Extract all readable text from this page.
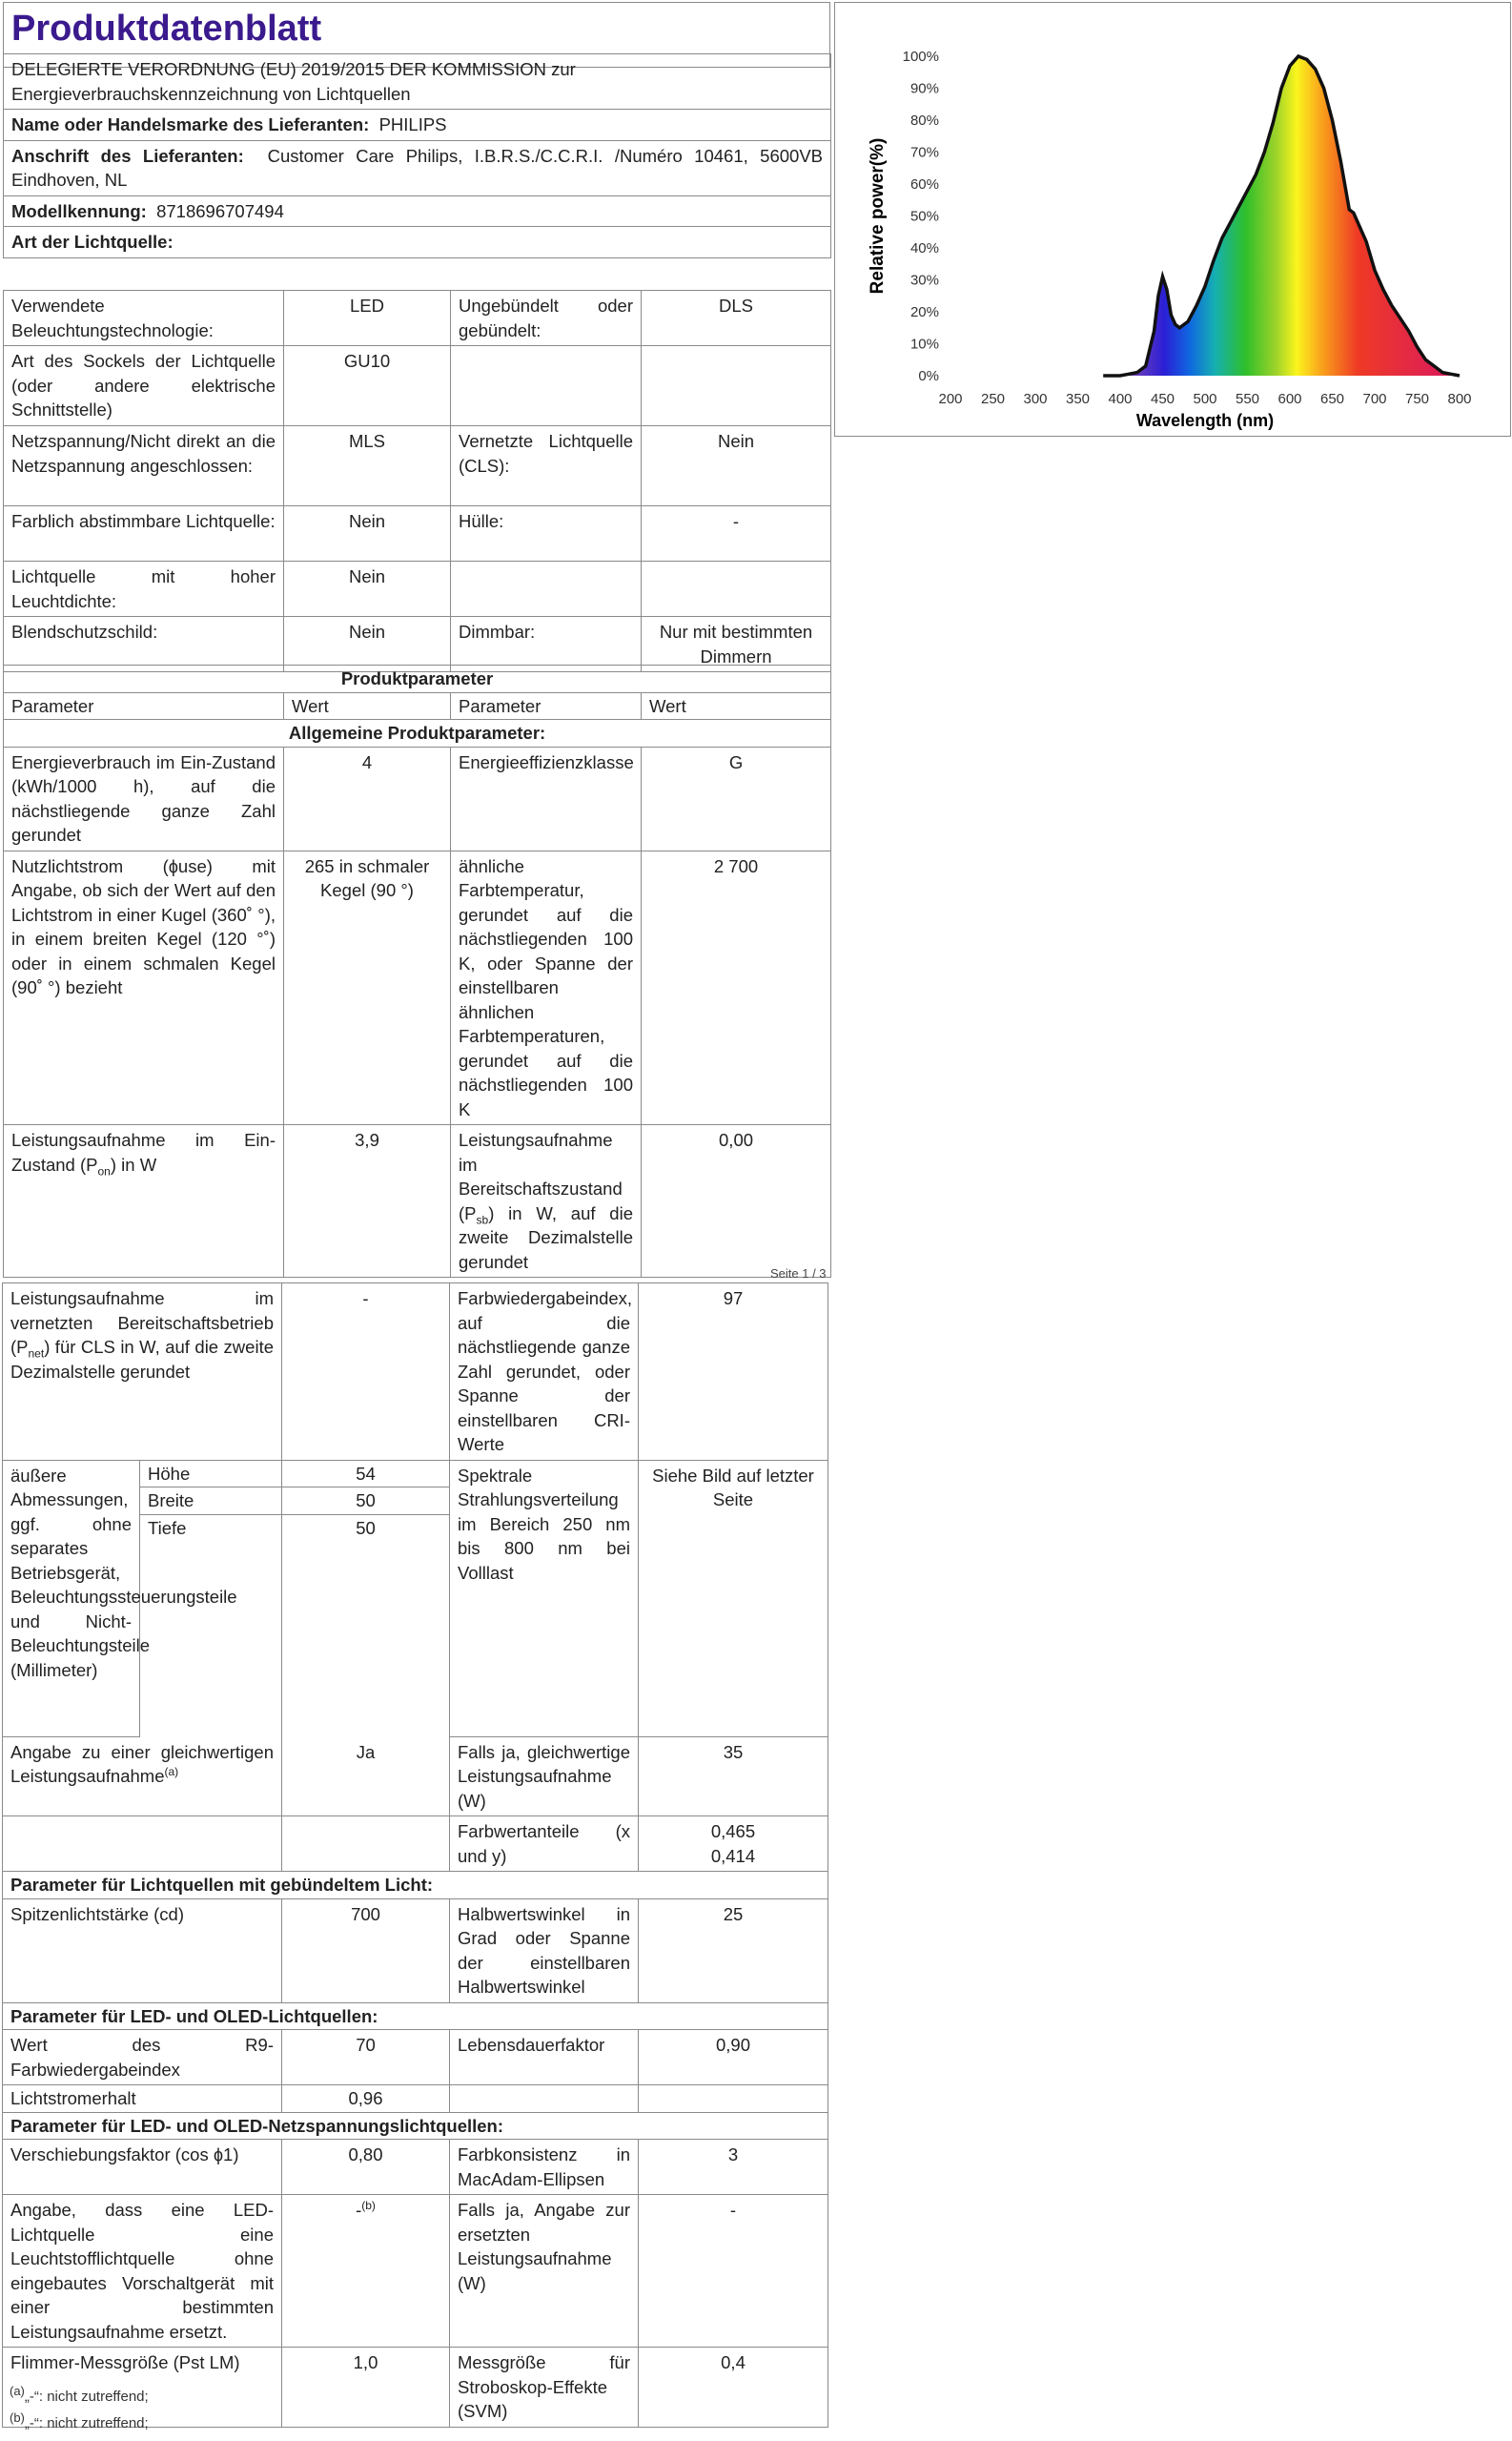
Produktdatenblatt
DELEGIERTE VERORDNUNG (EU) 2019/2015 DER KOMMISSION zur Energieverbrauchskennzeichnung von Lichtquellen
Name oder Handelsmarke des Lieferanten: PHILIPS
Anschrift des Lieferanten: Customer Care Philips, I.B.R.S./C.C.R.I. /Numéro 10461, 5600VB Eindhoven, NL
Modellkennung: 8718696707494
Art der Lichtquelle:
Verwendete Beleuchtungstechnologie:	LED	Ungebündelt oder gebündelt:	DLS
Art des Sockels der Lichtquelle (oder andere elektrische Schnittstelle)	GU10		
Netzspannung/Nicht direkt an die Netzspannung angeschlossen:	MLS	Vernetzte Lichtquelle (CLS):	Nein
Farblich abstimmbare Lichtquelle:	Nein	Hülle:	-
Lichtquelle mit hoher Leuchtdichte:	Nein		
Blendschutzschild:	Nein	Dimmbar:	Nur mit bestimmten Dimmern
Produktparameter			
Parameter	Wert	Parameter	Wert
Allgemeine Produktparameter:			
Energieverbrauch im Ein-Zustand (kWh/1000 h), auf die nächstliegende ganze Zahl gerundet	4	Energieeffizienzklasse	G
Nutzlichtstrom (ɸuse) mit Angabe, ob sich der Wert auf den Lichtstrom in einer Kugel (360˚ °), in einem breiten Kegel (120 °˚) oder in einem schmalen Kegel (90˚ °) bezieht	265 in schmaler Kegel (90 °)	ähnliche Farbtemperatur, gerundet auf die nächstliegenden 100 K, oder Spanne der einstellbaren ähnlichen Farbtemperaturen, gerundet auf die nächstliegenden 100 K	2 700
Leistungsaufnahme im Ein-Zustand $(P_{on})$ in W	3,9	Leistungsaufnahme im Bereitschaftszustand $(P_{sb})$ in W, auf die zweite Dezimalstelle gerundet	0,00
0%
10%
20%
30%
40%
50%
60%
70%
80%
90%
100%
200 250 300 350 400 450 500 550 600 650 700 750 800
Wavelength (nm)
Relative power(%)
Seite 1 / 3
Leistungsaufnahme im vernetzten Bereitschaftsbetrieb $(P_{net})$ für CLS in W, auf die zweite Dezimalstelle gerundet		-	Farbwiedergabeindex, auf die nächstliegende ganze Zahl gerundet, oder Spanne der einstellbaren CRI-Werte	97
äußere Abmessungen, ggf. ohne separates Betriebsgerät, Beleuchtungssteuerungsteile und Nicht-Beleuchtungsteile (Millimeter)	Höhe	54	Spektrale Strahlungsverteilung im Bereich 250 nm bis 800 nm bei Volllast	Siehe Bild auf letzter Seite
	Breite	50		
	Tiefe	50		
Angabe zu einer gleichwertigen Leistungsaufnahme$^{(a)}$		Ja	Falls ja, gleichwertige Leistungsaufnahme (W)	35
			Farbwertanteile (x und y)	0,465
0,414

Parameter für Lichtquellen mit gebündeltem Licht:				
Spitzenlichtstärke (cd)		700	Halbwertswinkel in Grad oder Spanne der einstellbaren Halbwertswinkel	25
Parameter für LED- und OLED-Lichtquellen:				
Wert des R9-Farbwiedergabeindex		70	Lebensdauerfaktor	0,90
Lichtstromerhalt		0,96		
Parameter für LED- und OLED-Netzspannungslichtquellen:				
Verschiebungsfaktor (cos ɸ1)		0,80	Farbkonsistenz in MacAdam-Ellipsen	3
Angabe, dass eine LED-Lichtquelle eine Leuchtstofflichtquelle ohne eingebautes Vorschaltgerät mit einer bestimmten Leistungsaufnahme ersetzt.		-$^{(b)}$	Falls ja, Angabe zur ersetzten Leistungsaufnahme (W)	-
Flimmer-Messgröße (Pst LM)		1,0	Messgröße für Stroboskop-Effekte (SVM)	0,4
$^{(a)}$„-“: nicht zutreffend;
$^{(b)}$„-“: nicht zutreffend;
